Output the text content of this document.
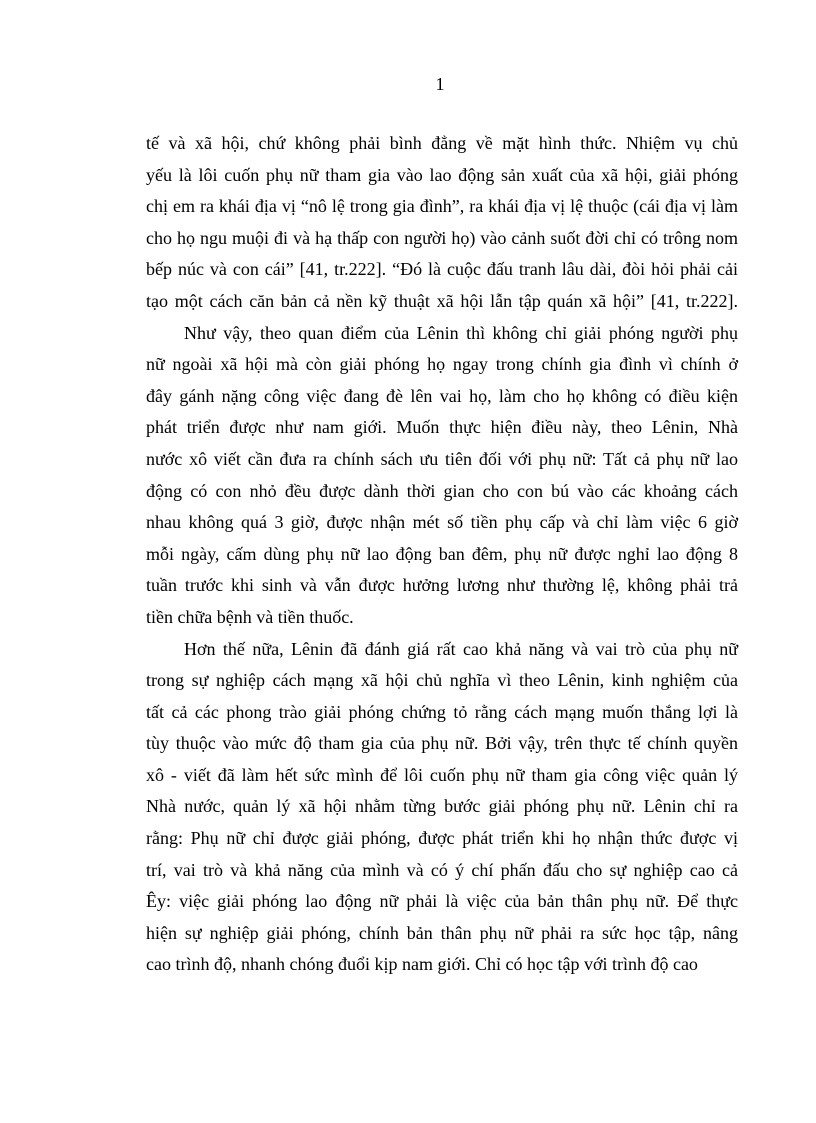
1
tế và xã hội, chứ không phải bình đẳng về mặt hình thức. Nhiệm vụ chủ
yếu là lôi cuốn phụ nữ tham gia vào lao động sản xuất của xã hội, giải phóng
chị em ra khái địa vị “nô lệ trong gia đình”, ra khái địa vị lệ thuộc (cái địa vị làm
cho họ ngu muội đi và hạ thấp con người họ) vào cảnh suốt đời chỉ có trông nom
bếp núc và con cái” [41, tr.222]. “Đó là cuộc đấu tranh lâu dài, đòi hỏi phải cải
tạo một cách căn bản cả nền kỹ thuật xã hội lẫn tập quán xã hội” [41, tr.222].
Như vậy, theo quan điểm của Lênin thì không chỉ giải phóng người phụ
nữ ngoài xã hội mà còn giải phóng họ ngay trong chính gia đình vì chính ở
đây gánh nặng công việc đang đè lên vai họ, làm cho họ không có điều kiện
phát triển được như nam giới. Muốn thực hiện điều này, theo Lênin, Nhà
nước xô viết cần đưa ra chính sách ưu tiên đối với phụ nữ: Tất cả phụ nữ lao
động có con nhỏ đều được dành thời gian cho con bú vào các khoảng cách
nhau không quá 3 giờ, được nhận mét số tiền phụ cấp và chỉ làm việc 6 giờ
mỗi ngày, cấm dùng phụ nữ lao động ban đêm, phụ nữ được nghỉ lao động 8
tuần trước khi sinh và vẫn được hưởng lương như thường lệ, không phải trả
tiền chữa bệnh và tiền thuốc.
Hơn thế nữa, Lênin đã đánh giá rất cao khả năng và vai trò của phụ nữ
trong sự nghiệp cách mạng xã hội chủ nghĩa vì theo Lênin, kinh nghiệm của
tất cả các phong trào giải phóng chứng tỏ rằng cách mạng muốn thắng lợi là
tùy thuộc vào mức độ tham gia của phụ nữ. Bởi vậy, trên thực tế chính quyền
xô - viết đã làm hết sức mình để lôi cuốn phụ nữ tham gia công việc quản lý
Nhà nước, quản lý xã hội nhằm từng bước giải phóng phụ nữ. Lênin chỉ ra
rằng: Phụ nữ chỉ được giải phóng, được phát triển khi họ nhận thức được vị
trí, vai trò và khả năng của mình và có ý chí phấn đấu cho sự nghiệp cao cả
Êy: việc giải phóng lao động nữ phải là việc của bản thân phụ nữ. Để thực
hiện sự nghiệp giải phóng, chính bản thân phụ nữ phải ra sức học tập, nâng
cao trình độ, nhanh chóng đuổi kịp nam giới. Chỉ có học tập với trình độ cao
